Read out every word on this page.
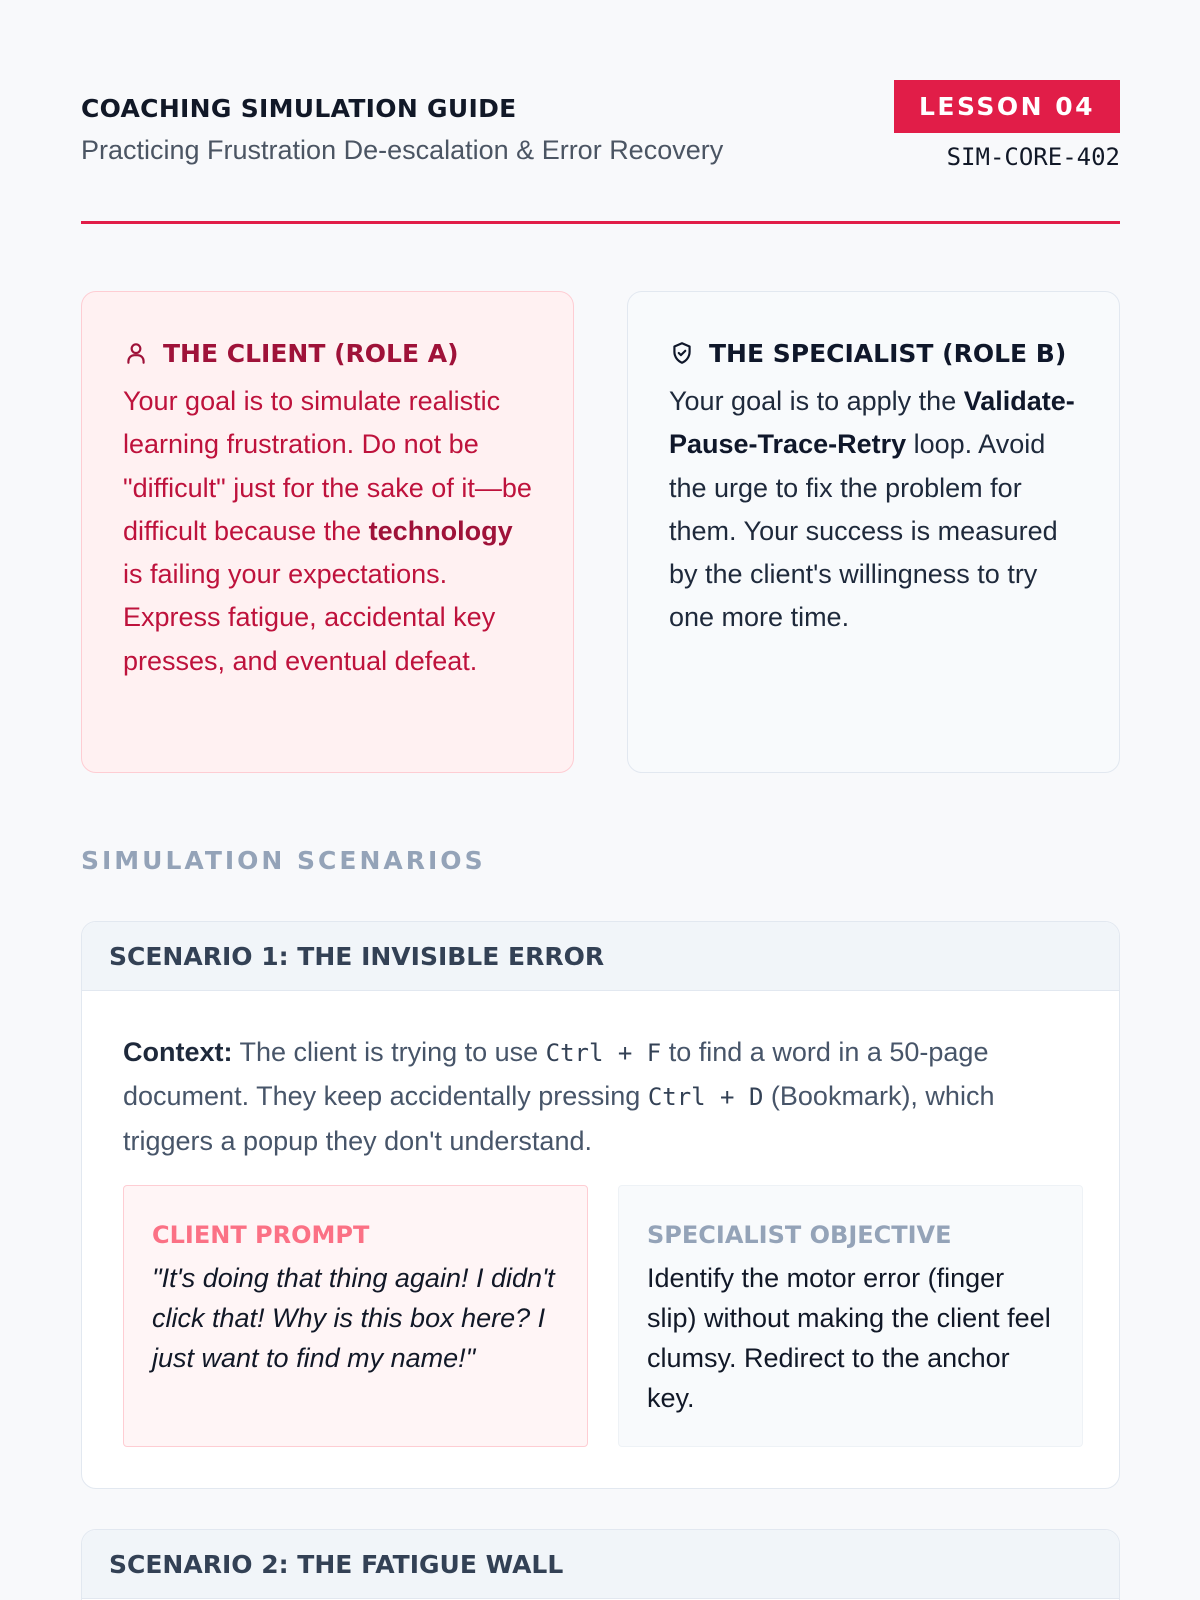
COACHING SIMULATION GUIDE

Practicing Frustration De-escalation & Error Recovery

LESSON 04
SIM-CORE-402
THE CLIENT (ROLE A)

Your goal is to simulate realistic learning frustration. Do not be "difficult" just for the sake of it—be difficult because the technology is failing your expectations. Express fatigue, accidental key presses, and eventual defeat.

THE SPECIALIST (ROLE B)

Your goal is to apply the Validate-Pause-Trace-Retry loop. Avoid the urge to fix the problem for them. Your success is measured by the client's willingness to try one more time.

SIMULATION SCENARIOS
SCENARIO 1: THE INVISIBLE ERROR

Context: The client is trying to use Ctrl + F to find a word in a 50-page document. They keep accidentally pressing Ctrl + D (Bookmark), which triggers a popup they don't understand.

CLIENT PROMPT

"It's doing that thing again! I didn't click that! Why is this box here? I just want to find my name!"

SPECIALIST OBJECTIVE

Identify the motor error (finger slip) without making the client feel clumsy. Redirect to the anchor key.

SCENARIO 2: THE FATIGUE WALL
